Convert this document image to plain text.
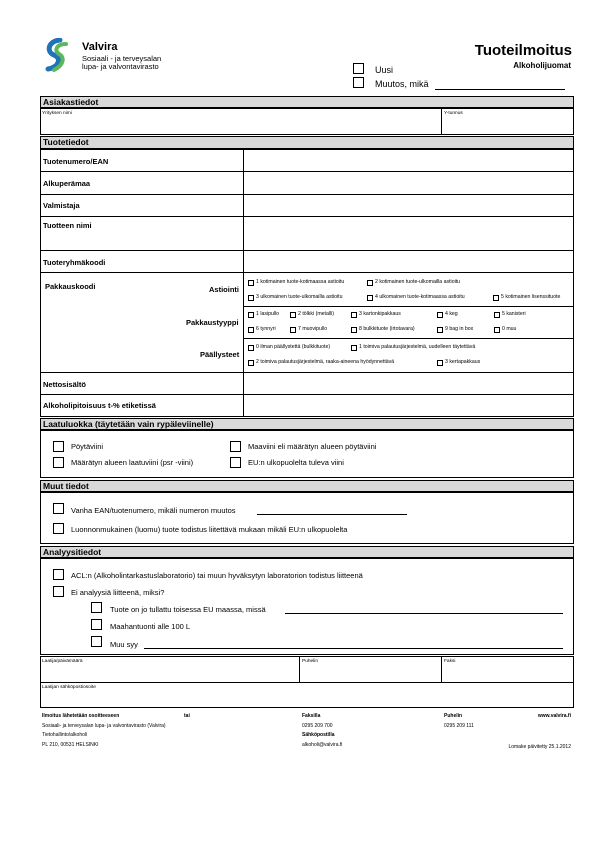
Valvira
Sosiaali - ja terveysalan
lupa- ja valvontavirasto
Tuoteilmoitus
Alkoholijuomat
Uusi
Muutos, mikä
Asiakastiedot
Yrityksen nimi	Y-tunnus
Tuotetiedot
Tuotenumero/EAN
Alkuperämaa
Valmistaja
Tuotteen nimi
Tuoteryhmäkoodi
Pakkauskoodi	Astiointi
Pakkaustyyppi
Päällysteet
Nettosisältö
Alkoholipitoisuus t-% etiketissä
1 kotimainen tuote-kotimaassa astioitu	2 kotimainen tuote-ulkomailla astioitu
3 ulkomainen tuote-ulkomailla astioitu	4 ulkomainen tuote-kotimaassa astioitu	5 kotimainen lisenssituote
1 lasipullo	2 tölkki (metalli)	3 kartonkipakkaus	4 keg	5 kanisteri
6 tynnyri	7 muovipullo	8 bulkkituote (irtotavara)	9 bag in box	0 muu
0 ilman päällystettä (bulkkituote)	1 toimiva palautusjärjestelmä, uudelleen täytettävä
2 toimiva palautusjärjestelmä, raaka-aineena hyödynnettävä	3 kertapakkaus
Laatuluokka (täytetään vain rypäleviinelle)
Pöytäviini	Maaviini eli määrätyn alueen pöytäviini
Määrätyn alueen laatuviini (psr -viini)	EU:n ulkopuolelta tuleva viini
Muut tiedot
Vanha EAN/tuotenumero, mikäli numeron muutos
Luonnonmukainen (luomu) tuote todistus liitettävä mukaan mikäli EU:n ulkopuolelta
Analyysitiedot
ACL:n (Alkoholintarkastuslaboratorio) tai muun hyväksytyn laboratorion todistus liitteenä
Ei analyysiä liitteenä, miksi?
Tuote on jo tullattu toisessa EU maassa, missä
Maahantuonti alle 100 L
Muu syy
Laatija/päivämäärä	Puhelin	Faksi
Laatijan sähköpostiosoite
Ilmoitus lähetetään osoitteeseen	tai
Sosiaali- ja terveysalan lupa- ja valvontavirasto (Valvira)
Tietohallinto/alkoholi
PL 210, 00531 HELSINKI
Faksilla
0295 209 700
Sähköpostilla
alkoholi@valvira.fi
Puhelin
0295 209 111
www.valvira.fi
Lomake päivitetty 25.1.2012
